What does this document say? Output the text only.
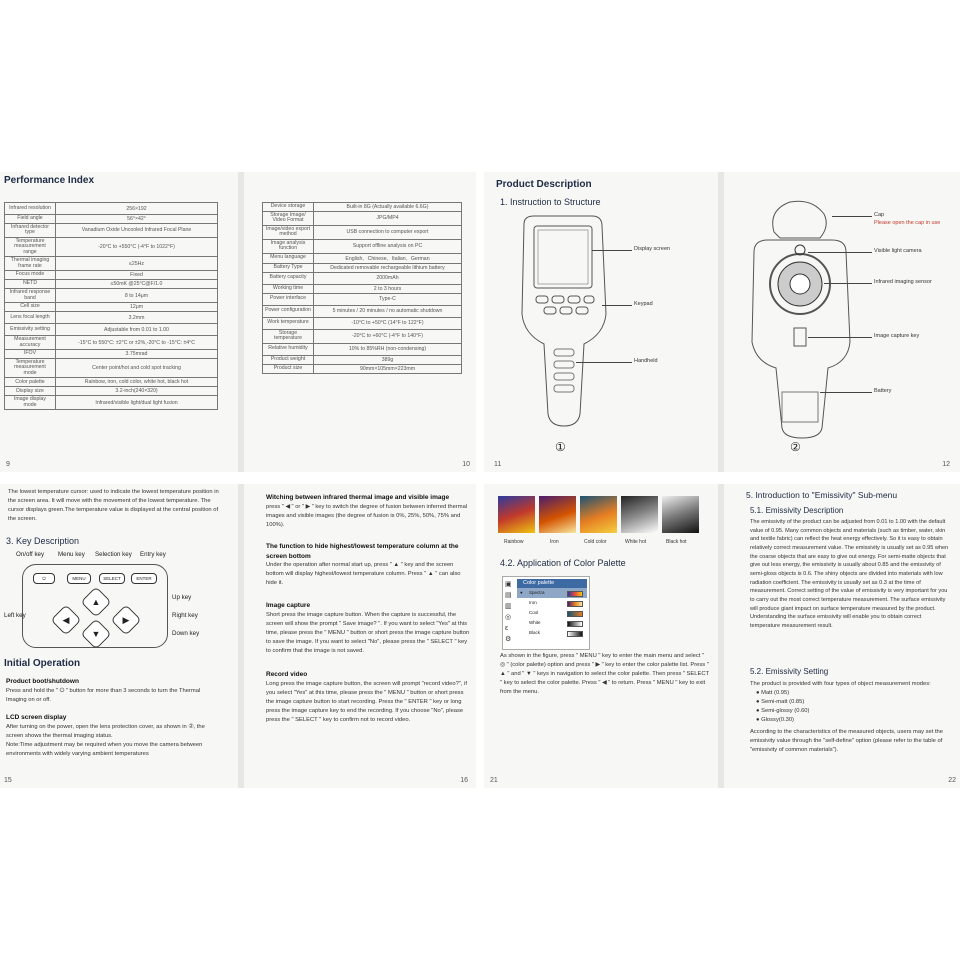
Performance Index
Infrared resolution	256×192
Field angle	56°×42°
Infrared detector type	Vanadium Oxide Uncooled Infrared Focal Plane
Temperature measurement range	-20°C to +550°C (-4°F to 1022°F)
Thermal imaging frame rate	≤25Hz
Focus mode	Fixed
NETD	≤50mK @25°C@F/1.0
Infrared response band	8 to 14μm
Cell size	12μm
Lens focal length	3.2mm
Emissivity setting	Adjustable from 0.01 to 1.00
Measurement accuracy	-15°C to 550°C: ±2°C or ±2%,-20°C to -15°C: ±4°C
IFOV	3.75mrad
Temperature measurement mode	Center point/hot and cold spot tracking
Color palette	Rainbow, iron, cold color, white hot, black hot
Display size	3.2-inch(240×320)
Image display mode	Infrared/visible light/dual light fusion
9
Device storage	Built-in 8G (Actually available 6.6G)
Storage Image/ Video Format	JPG/MP4
Image/video export method	USB connection to computer export
Image analysis function	Support offline analysis on PC
Menu language	English、Chinese、Italian、German
Battery Type	Dedicated removable rechargeable lithium battery
Battery capacity	2000mAh
Working time	2 to 3 hours
Power interface	Type-C
Power configuration	5 minutes / 20 minutes / no automatic shutdown
Work temperature	-10°C to +50°C (14°F to 122°F)
Storage temperature	-20°C to +60°C (-4°F to 140°F)
Relative humidity	10% to 85%RH (non-condensing)
Product weight	389g
Product size	90mm×105mm×223mm
10
Product Description
1. Instruction to Structure
Display screen
Keypad
Handheld
①
11
Cap
Please open the cap in use
Visible light camera
Infrared imaging sensor
Image capture key
Battery
②
12
The lowest temperature cursor: used to indicate the lowest temperature position in the screen area. It will move with the movement of the lowest temperature. The cursor displays green.The temperature value is displayed at the central position of the screen.
3. Key Description
On/off key Menu key Selection key Entry key
⏻	MENU	SELECT	ENTER
▲
◀	▶
▼
Up key
Left key	Right key
Down key
Initial Operation
Product boot/shutdown
Press and hold the " ⏻ " button for more than 3 seconds to turn the Thermal Imaging on or off.
LCD screen display
After turning on the power, open the lens protection cover, as shown in ②, the screen shows the thermal imaging status.
Note:Time adjustment may be required when you move the camera between environments with widely varying ambient temperatures
15
Witching between infrared thermal image and visible image
press " ◀ " or " ▶ " key to switch the degree of fusion between inferred thermal images and visible images (the degree of fusion is 0%, 25%, 50%, 75% and 100%).
The function to hide highest/lowest temperature column at the screen bottom
Under the operation after normal start up, press " ▲ " key and the screen bottom will display highest/lowest temperature column. Press " ▲ " can also hide it.
Image capture
Short press the image capture button. When the capture is successful, the screen will show the prompt " Save image? ". If you want to select "Yes" at this time, please press the " MENU " button or short press the image capture button to save the image. If you want to select "No", please press the " SELECT " key to confirm that the image is not saved.
Record video
Long press the image capture button, the screen will prompt "record video?", if you select "Yes" at this time, please press the " MENU " button or short press the image capture button to start recording. Press the " ENTER " key or long press the image capture key to end the recording. If you choose "No", please press the " SELECT " key to confirm not to record video.
16
Rainbow	Iron	Cold color	White hot	Black hot
4.2. Application of Color Palette
▣
▤
▥
◎
ε
⚙
Color palette
● Spectra
Iron
Cool
White
Black
As shown in the figure, press " MENU " key to enter the main menu and select " ◎ " (color palette) option and press " ▶ " key to enter the color palette list. Press " ▲ " and " ▼ " keys in navigation to select the color palette. Then press " SELECT " key to select the color palette. Press " ◀ " to return. Press " MENU " key to exit from the menu.
21
5. Introduction to "Emissivity" Sub-menu
5.1. Emissivity Description
The emissivity of the product can be adjusted from 0.01 to 1.00 with the default value of 0.95. Many common objects and materials (such as timber, water, skin and textile fabric) can reflect the heat energy effectively. So it is easy to obtain relatively correct measurement value. The emissivity is usually set as 0.95 when the coarse objects that are easy to give out energy. For semi-matte objects that give out less energy, the emissivity is usually about 0.85 and the emissivity of semi-gloss objects is 0.6. The shiny objects are divided into materials with low radiation coefficient. The emissivity is usually set as 0.3 at the time of measurement. Correct setting of the value of emissivity is very important for you to carry out the most correct temperature measurement. The surface emissivity will produce giant impact on surface temperature measured by the product. Understanding the surface emissivity will enable you to obtain correct temperature measurement result.
5.2. Emissivity Setting
The product is provided with four types of object measurement modes:
● Matt (0.95)
● Semi-matt (0.85)
● Semi-glossy (0.60)
● Glossy(0.30)
According to the characteristics of the measured objects, users may set the emissivity value through the "self-define" option (please refer to the table of "emissivity of common materials").
22
